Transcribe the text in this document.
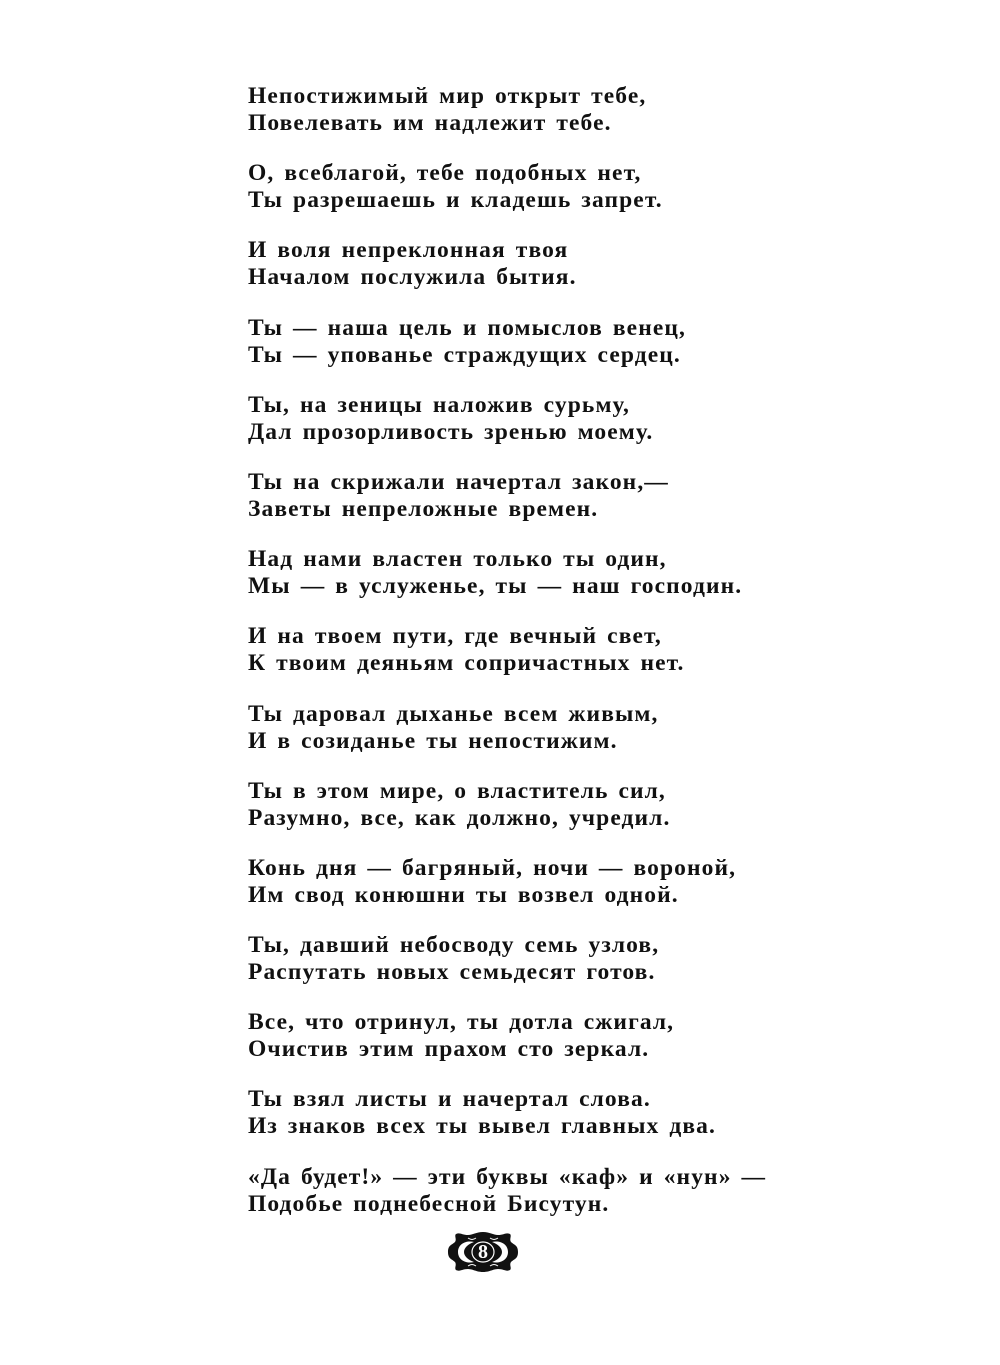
Непостижимый мир открыт тебе,
Повелевать им надлежит тебе.
О, всеблагой, тебе подобных нет,
Ты разрешаешь и кладешь запрет.
И воля непреклонная твоя
Началом послужила бытия.
Ты — наша цель и помыслов венец,
Ты — упованье страждущих сердец.
Ты, на зеницы наложив сурьму,
Дал прозорливость зренью моему.
Ты на скрижали начертал закон,—
Заветы непреложные времен.
Над нами властен только ты один,
Мы — в услуженье, ты — наш господин.
И на твоем пути, где вечный свет,
К твоим деяньям сопричастных нет.
Ты даровал дыханье всем живым,
И в созиданье ты непостижим.
Ты в этом мире, о властитель сил,
Разумно, все, как должно, учредил.
Конь дня — багряный, ночи — вороной,
Им свод конюшни ты возвел одной.
Ты, давший небосводу семь узлов,
Распутать новых семьдесят готов.
Все, что отринул, ты дотла сжигал,
Очистив этим прахом сто зеркал.
Ты взял листы и начертал слова.
Из знаков всех ты вывел главных два.
«Да будет!» — эти буквы «каф» и «нун» —
Подобье поднебесной Бисутун.
8
